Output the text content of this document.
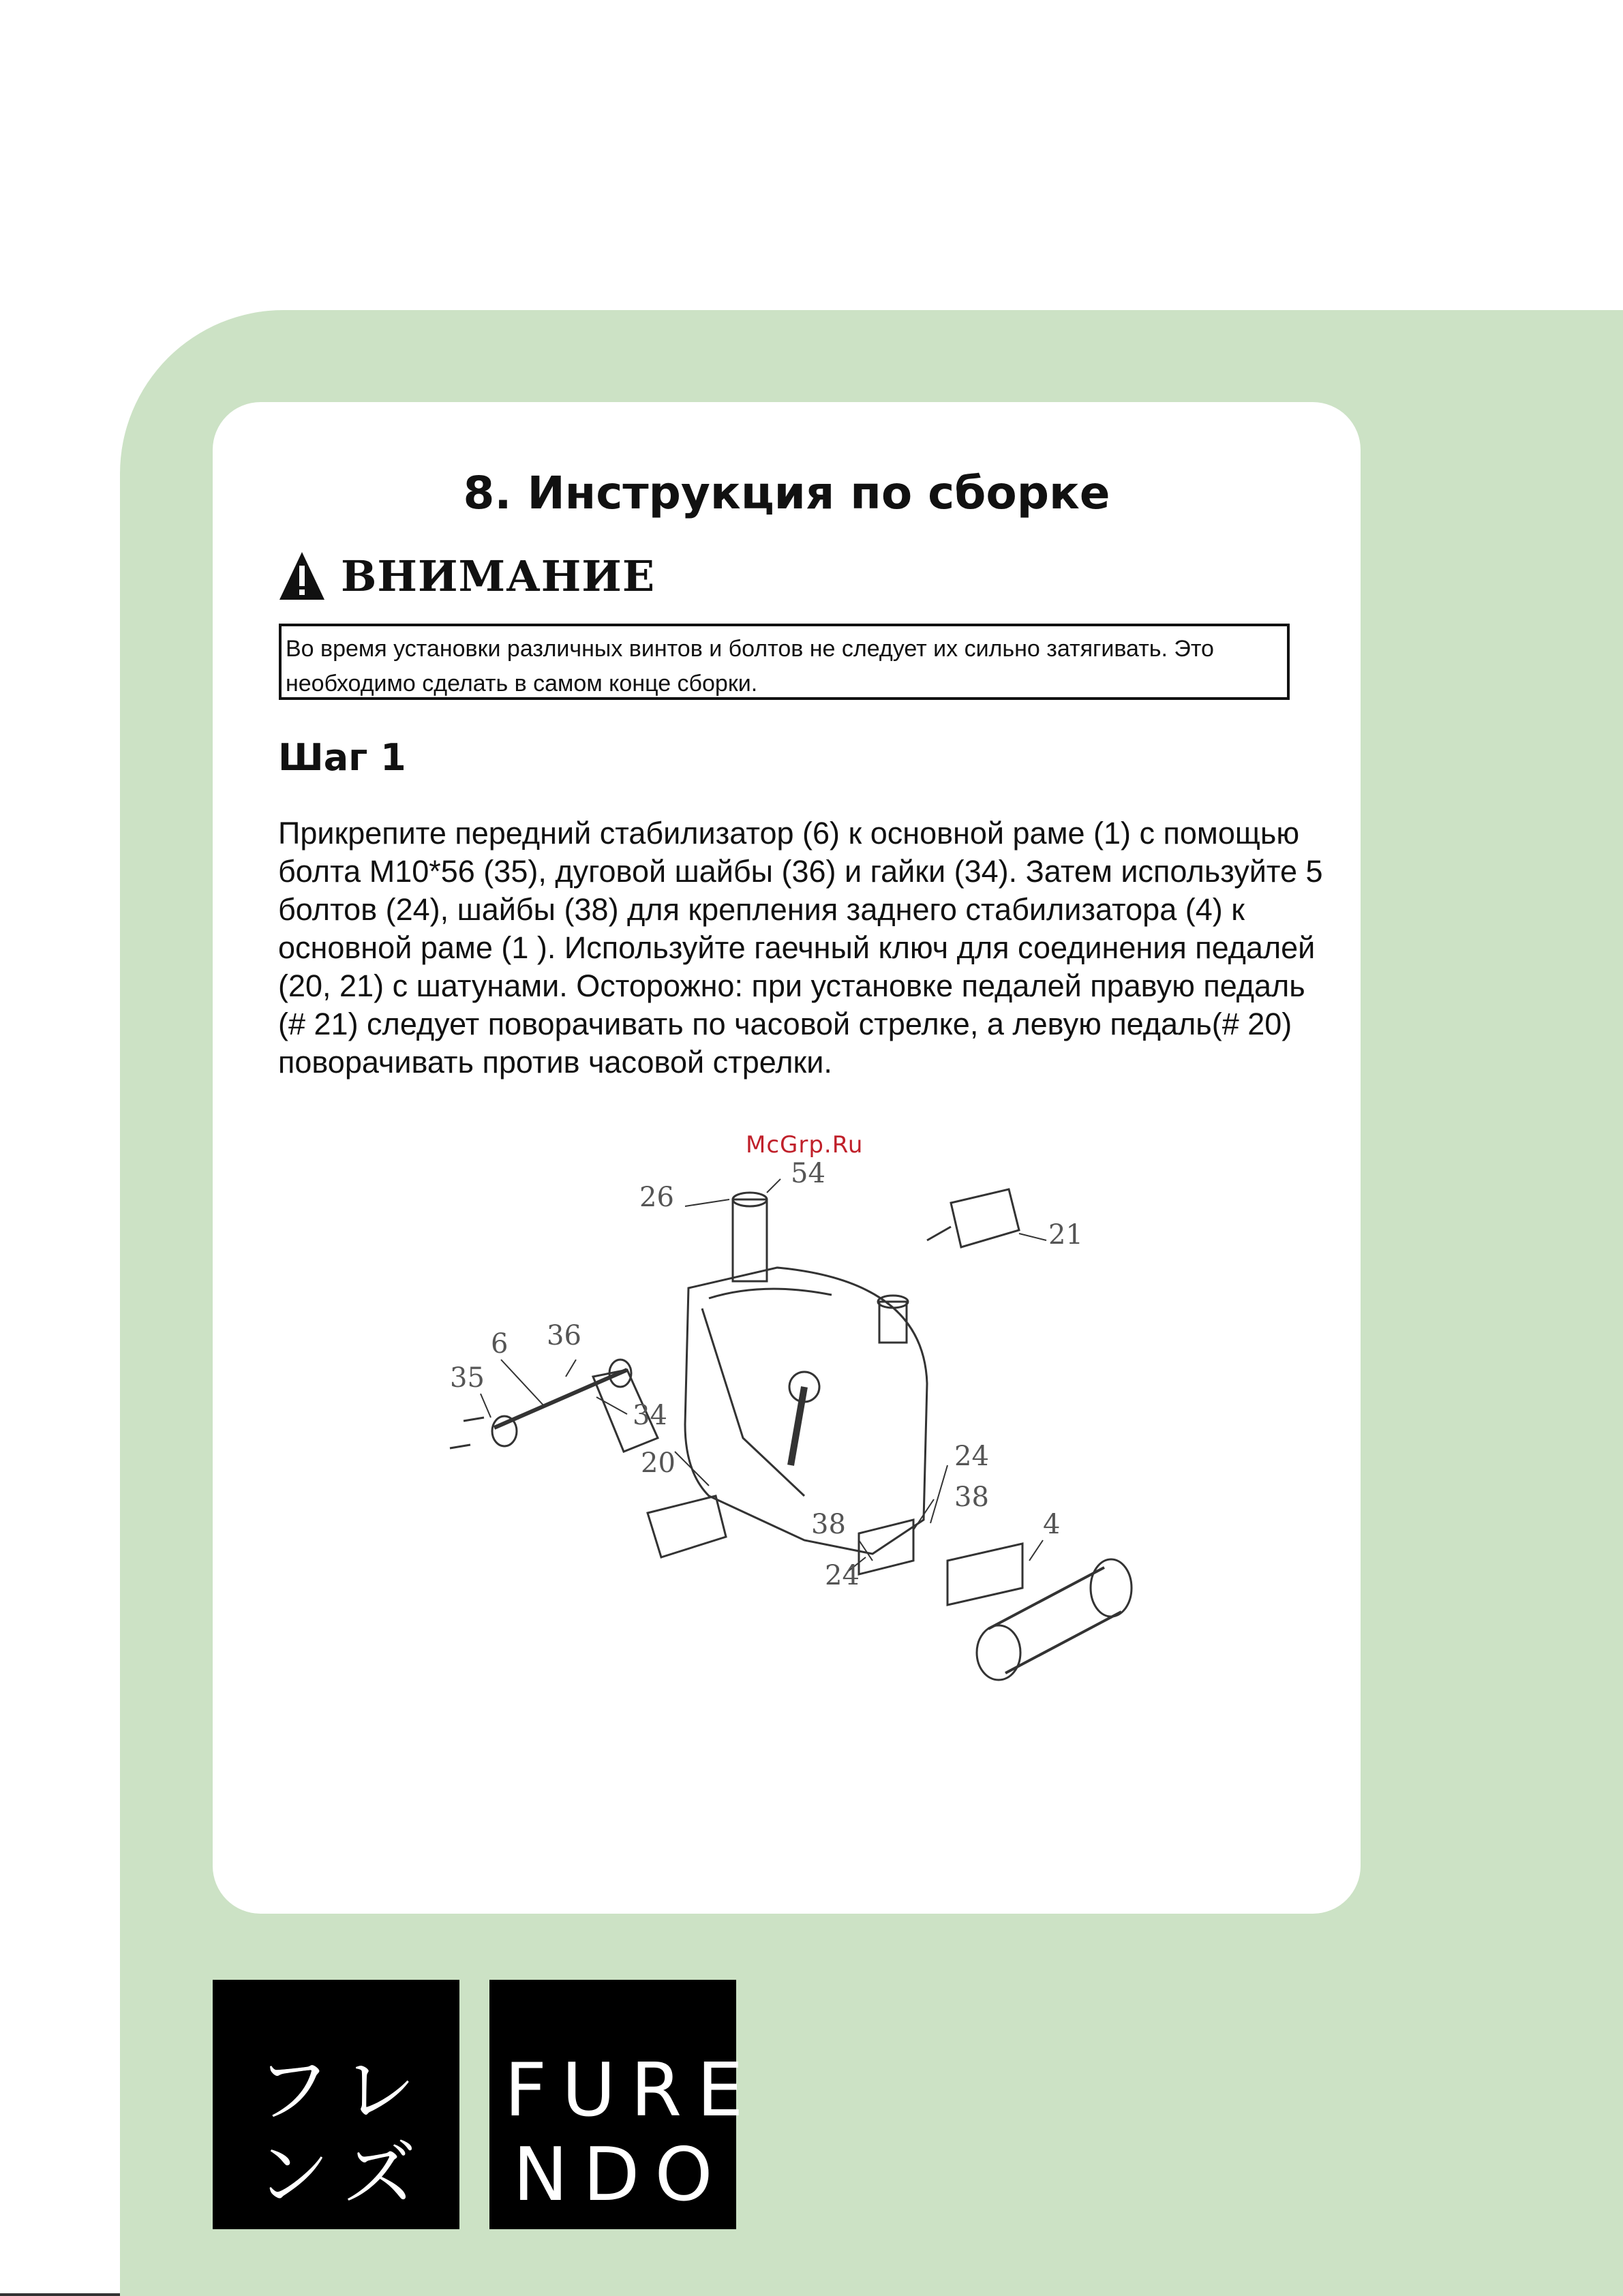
8. Инструкция по сборке
ВНИМАНИЕ
Во время установки различных винтов и болтов не следует их сильно затягивать. Это необходимо сделать в самом конце сборки.
Шаг 1

Прикрепите передний стабилизатор (6) к основной раме (1) с помощью болта M10*56 (35), дуговой шайбы (36) и гайки (34). Затем используйте 5 болтов (24), шайбы (38) для крепления заднего стабилизатора (4) к основной раме (1 ). Используйте гаечный ключ для соединения педалей (20, 21) с шатунами. Осторожно: при установке педалей правую педаль (# 21) следует поворачивать по часовой стрелке, а левую педаль(# 20) поворачивать против часовой стрелки.

McGrp.Ru

26
54
21
6 36
35
34
20	24
38
38	4
24
フレ
ンズ
FURE
NDO
